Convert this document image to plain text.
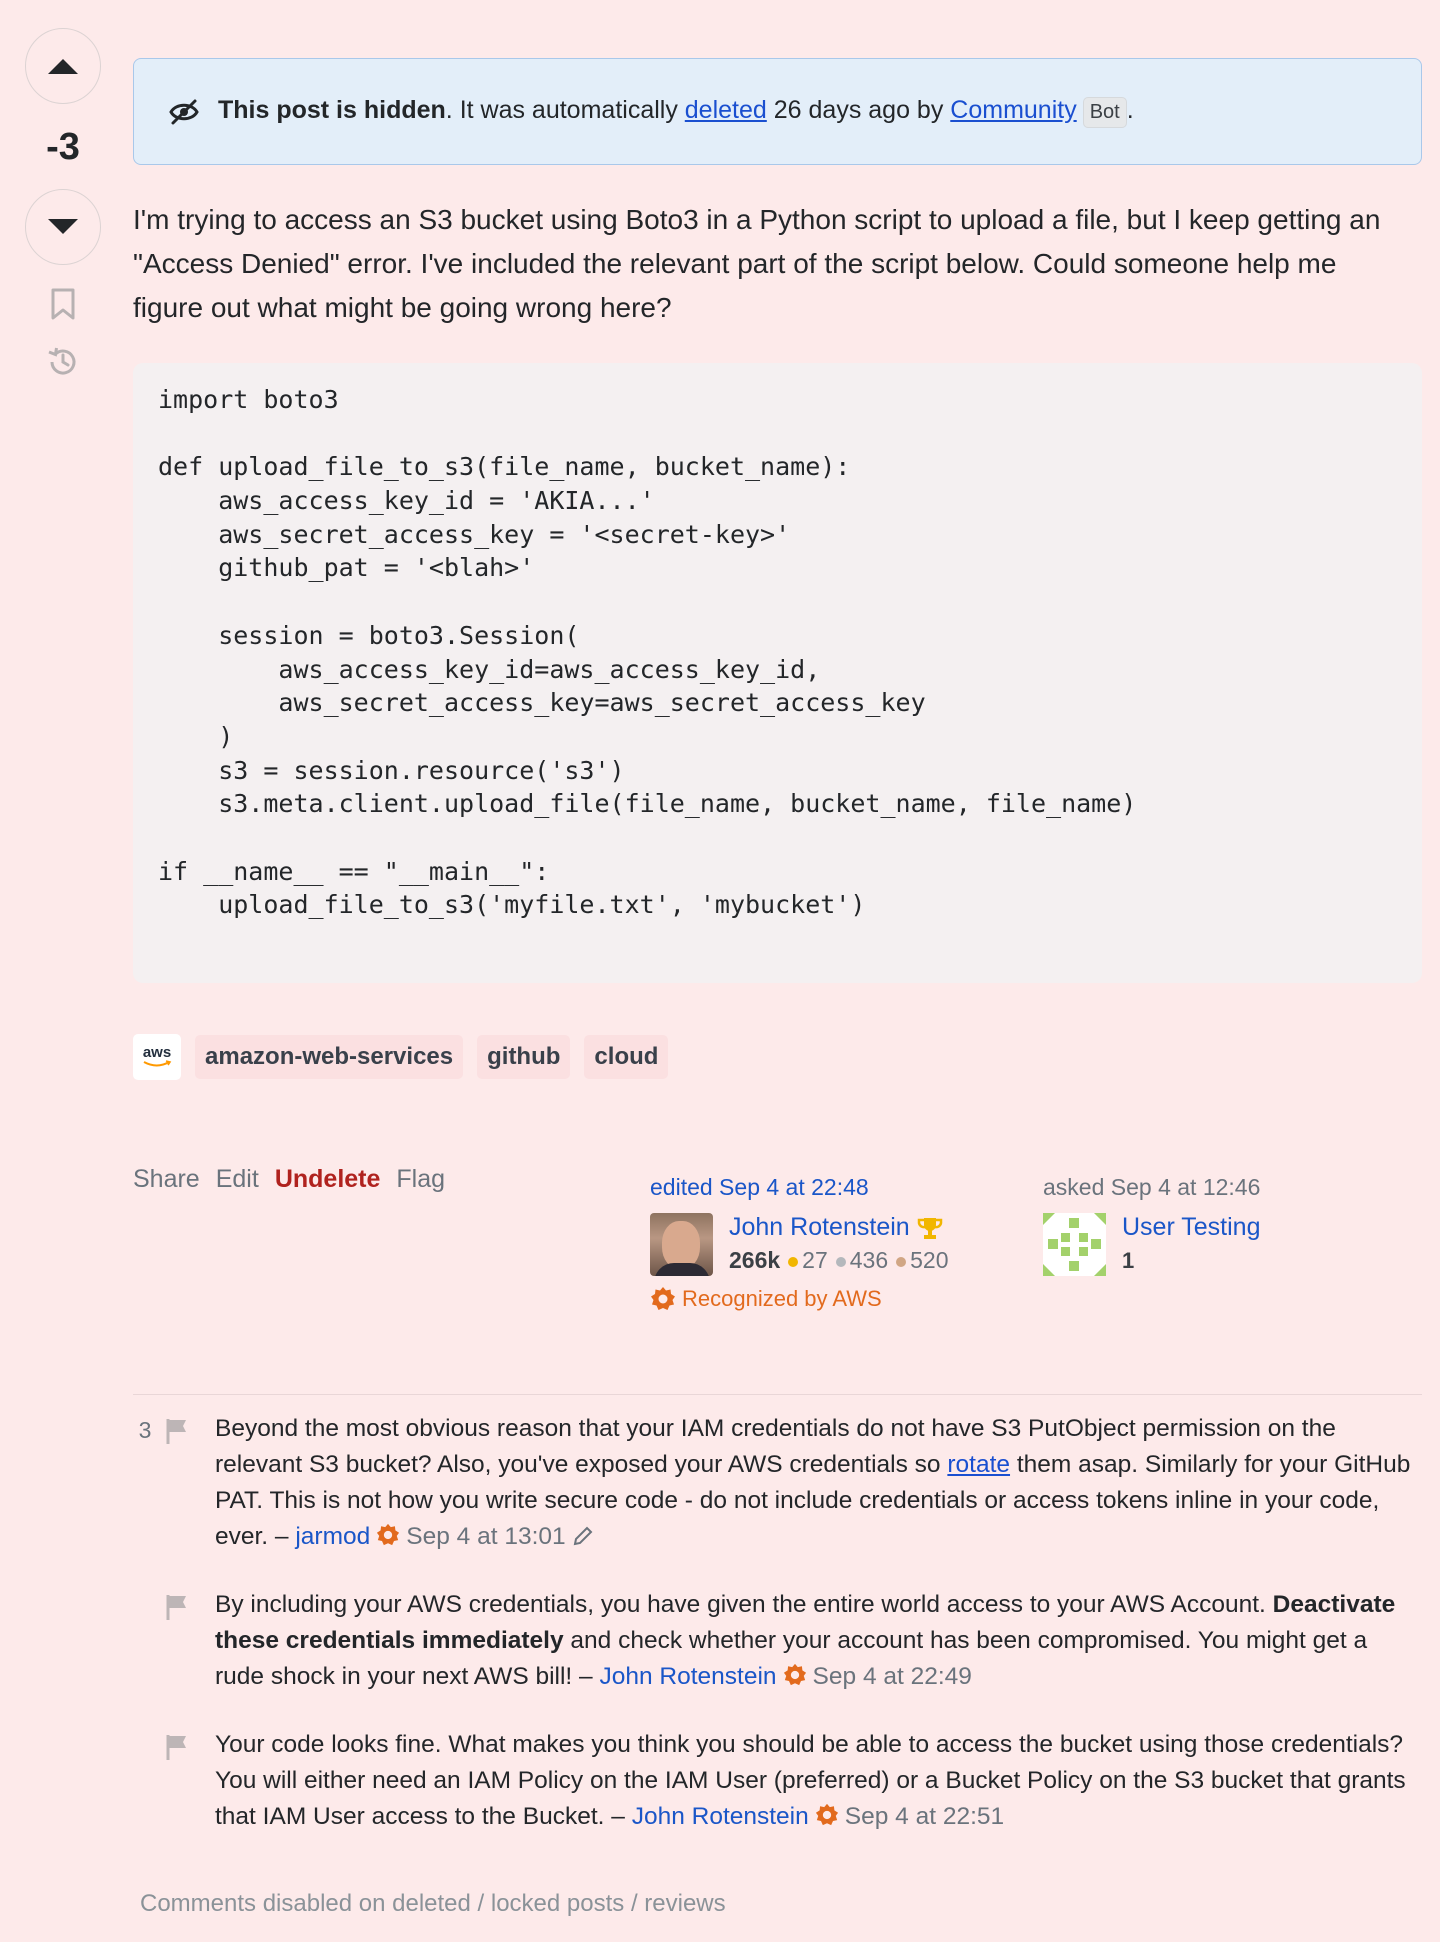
-3
This post is hidden. It was automatically deleted 26 days ago by Community Bot .
I'm trying to access an S3 bucket using Boto3 in a Python script to upload a file, but I keep getting an "Access Denied" error. I've included the relevant part of the script below. Could someone help me figure out what might be going wrong here?
import boto3
def upload_file_to_s3(file_name, bucket_name):
aws_access_key_id = 'AKIA...'
aws_secret_access_key = '<secret-key>'
github_pat = '<blah>'
session = boto3.Session(
aws_access_key_id=aws_access_key_id,
aws_secret_access_key=aws_secret_access_key
)
s3 = session.resource('s3')
s3.meta.client.upload_file(file_name, bucket_name, file_name)
if __name__ == "__main__":
upload_file_to_s3('myfile.txt', 'mybucket')
aws	amazon-web-services	github	cloud
Share Edit Undelete Flag	edited Sep 4 at 22:48
John Rotenstein
266k 27 436 520
Recognized by AWS
asked Sep 4 at 12:46
User Testing
1
3	Beyond the most obvious reason that your IAM credentials do not have S3 PutObject permission on the relevant S3 bucket? Also, you've exposed your AWS credentials so rotate them asap. Similarly for your GitHub PAT. This is not how you write secure code - do not include credentials or access tokens inline in your code, ever. – jarmod Sep 4 at 13:01
By including your AWS credentials, you have given the entire world access to your AWS Account. Deactivate these credentials immediately and check whether your account has been compromised. You might get a rude shock in your next AWS bill! – John Rotenstein Sep 4 at 22:49
Your code looks fine. What makes you think you should be able to access the bucket using those credentials? You will either need an IAM Policy on the IAM User (preferred) or a Bucket Policy on the S3 bucket that grants that IAM User access to the Bucket. – John Rotenstein Sep 4 at 22:51
Comments disabled on deleted / locked posts / reviews
